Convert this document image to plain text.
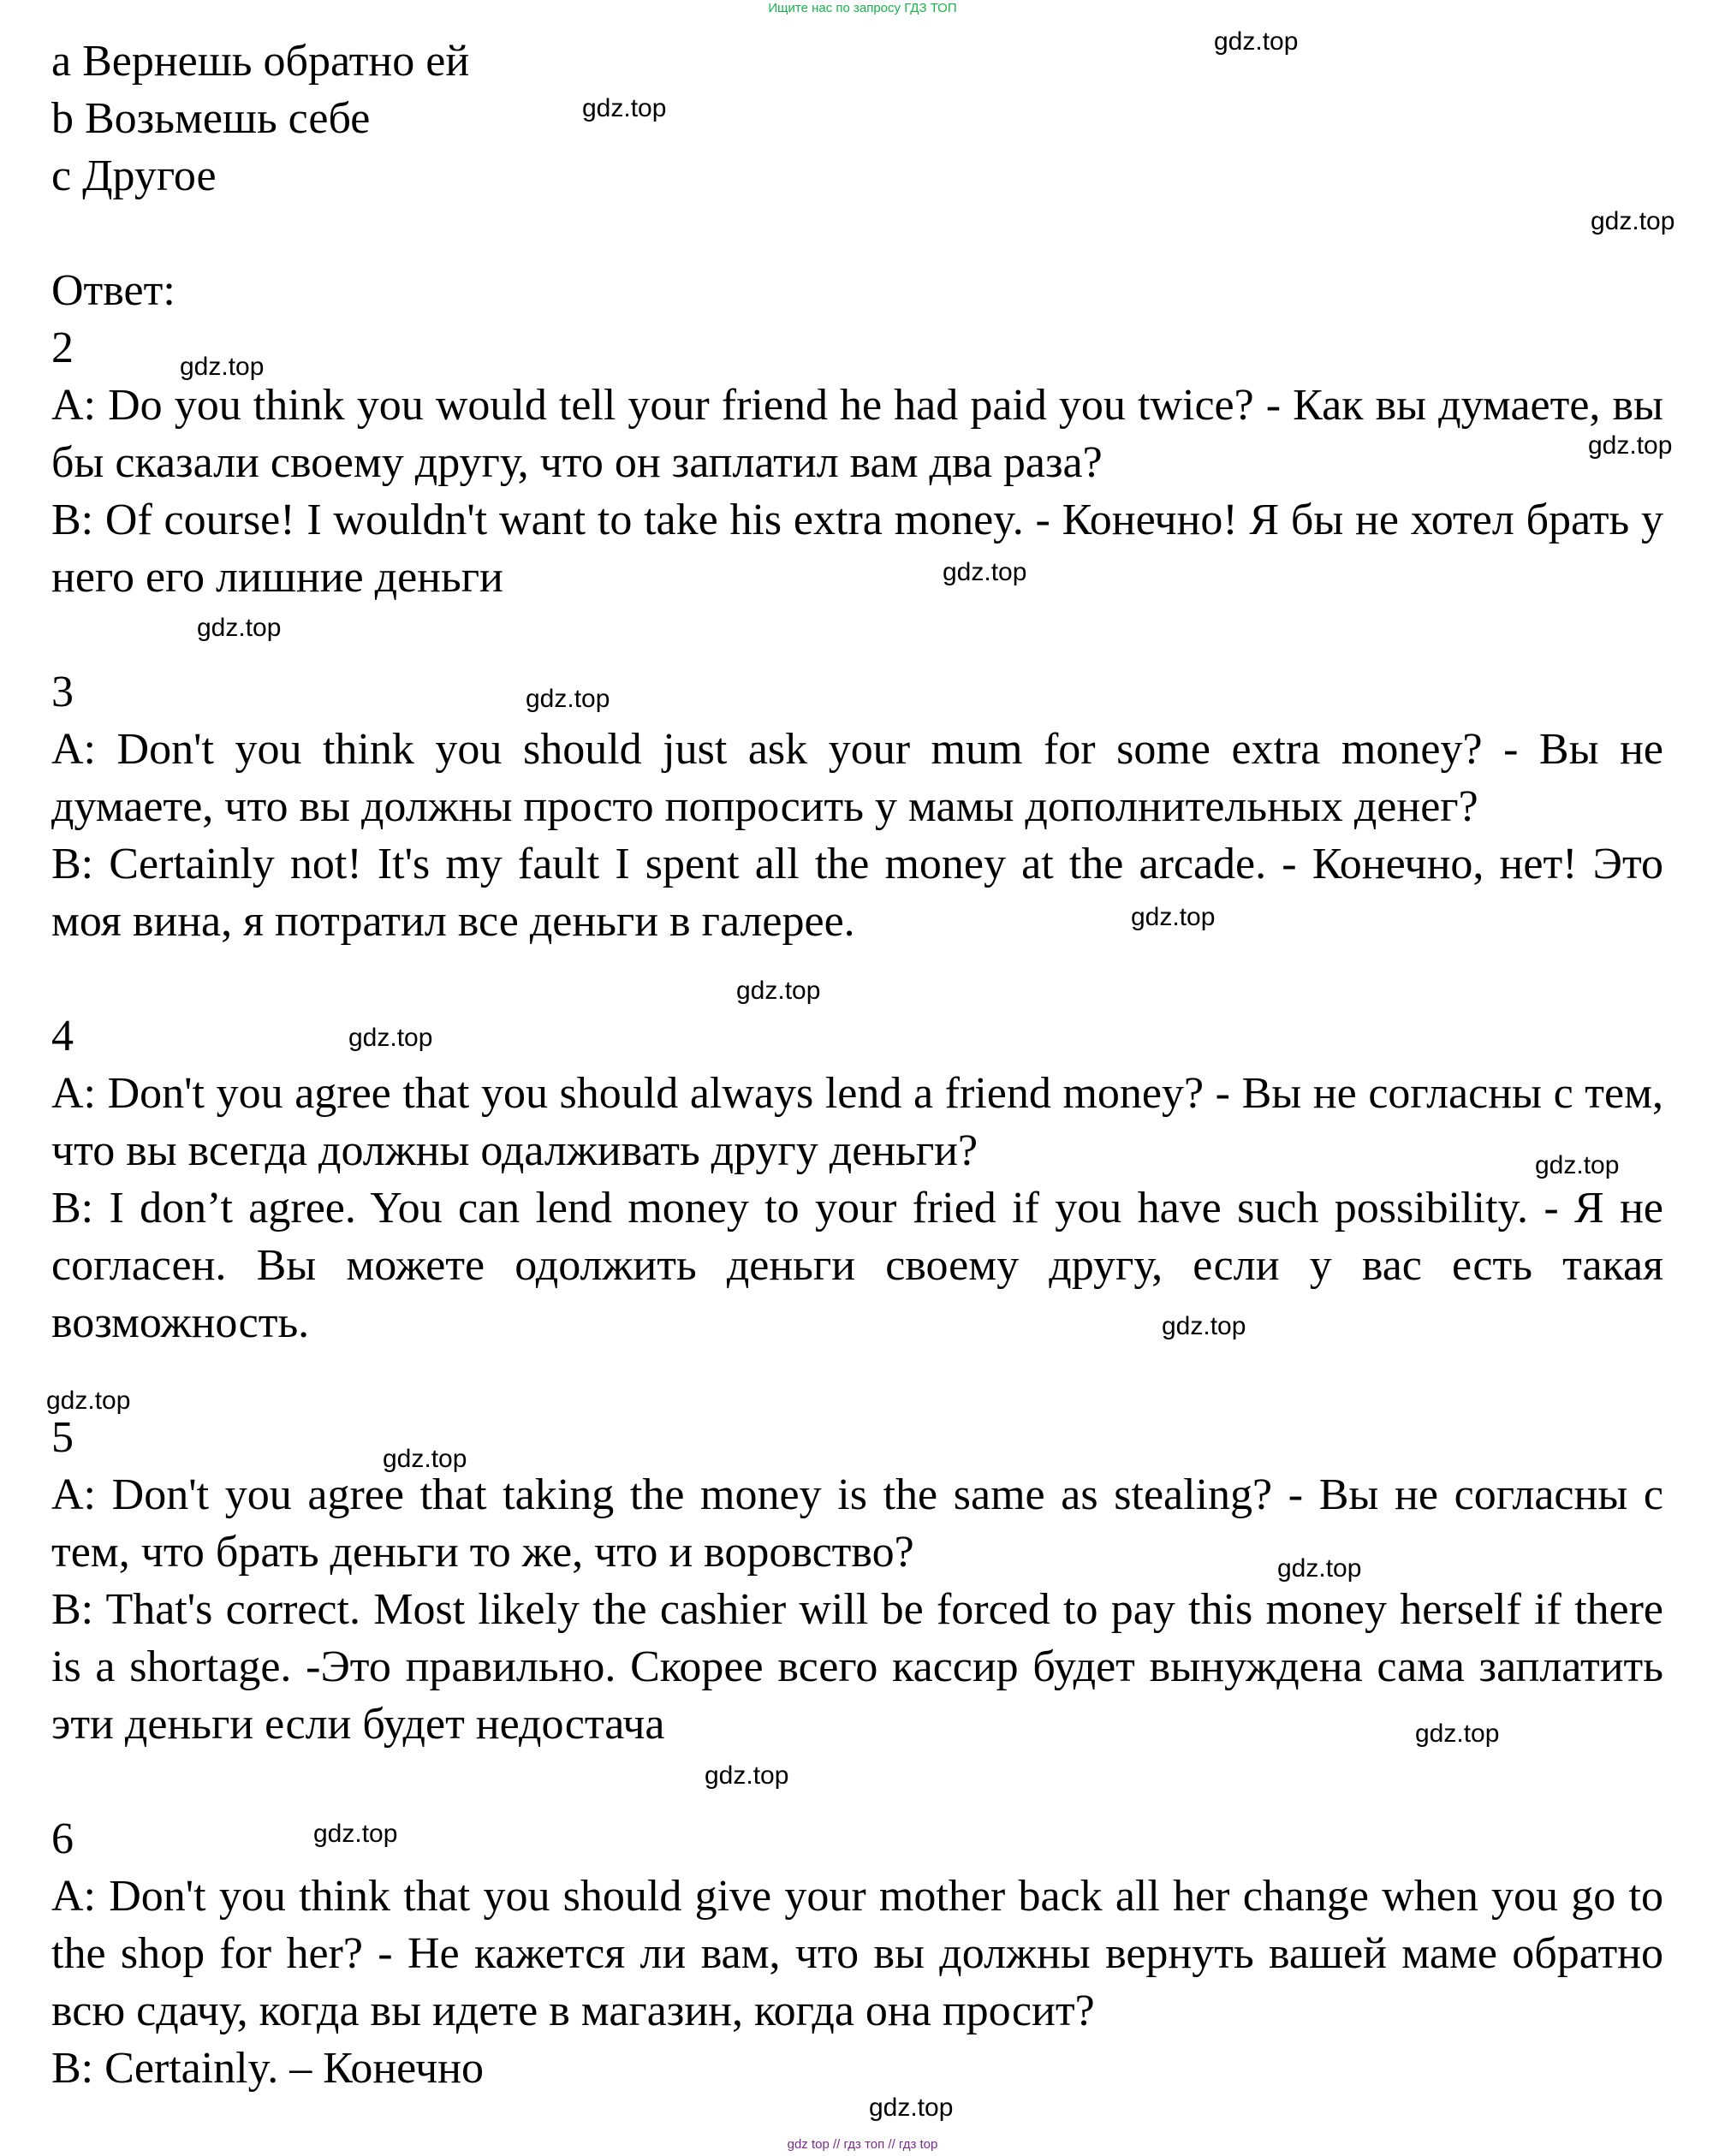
Ищите нас по запросу ГДЗ ТОП
a Вернешь обратно ей
b Возьмешь себе
c Другое
Ответ:
2
A: Do you think you would tell your friend he had paid you twice? - Как вы думаете, вы бы сказали своему другу, что он заплатил вам два раза?
B: Of course! I wouldn't want to take his extra money. - Конечно! Я бы не хотел брать у него его лишние деньги
3
A: Don't you think you should just ask your mum for some extra money? - Вы не думаете, что вы должны просто попросить у мамы дополнительных денег?
B: Certainly not! It's my fault I spent all the money at the arcade. - Конечно, нет! Это моя вина, я потратил все деньги в галерее.
4
A: Don't you agree that you should always lend a friend money? - Вы не согласны с тем, что вы всегда должны одалживать другу деньги?
B: I don’t agree. You can lend money to your fried if you have such possibility. - Я не согласен. Вы можете одолжить деньги своему другу, если у вас есть такая возможность.
5
A: Don't you agree that taking the money is the same as stealing? - Вы не согласны с тем, что брать деньги то же, что и воровство?
B: That's correct. Most likely the cashier will be forced to pay this money herself if there is a shortage. -Это правильно. Скорее всего кассир будет вынуждена сама заплатить эти деньги если будет недостача
6
A: Don't you think that you should give your mother back all her change when you go to the shop for her? - Не кажется ли вам, что вы должны вернуть вашей маме обратно всю сдачу, когда вы идете в магазин, когда она просит?
B: Certainly. – Конечно
gdz.top
gdz.top
gdz.top
gdz.top
gdz.top
gdz.top
gdz.top
gdz.top
gdz.top
gdz.top
gdz.top
gdz.top
gdz.top
gdz.top
gdz.top
gdz.top
gdz.top
gdz.top
gdz.top
gdz.top
gdz top // гдз топ // гдз top
